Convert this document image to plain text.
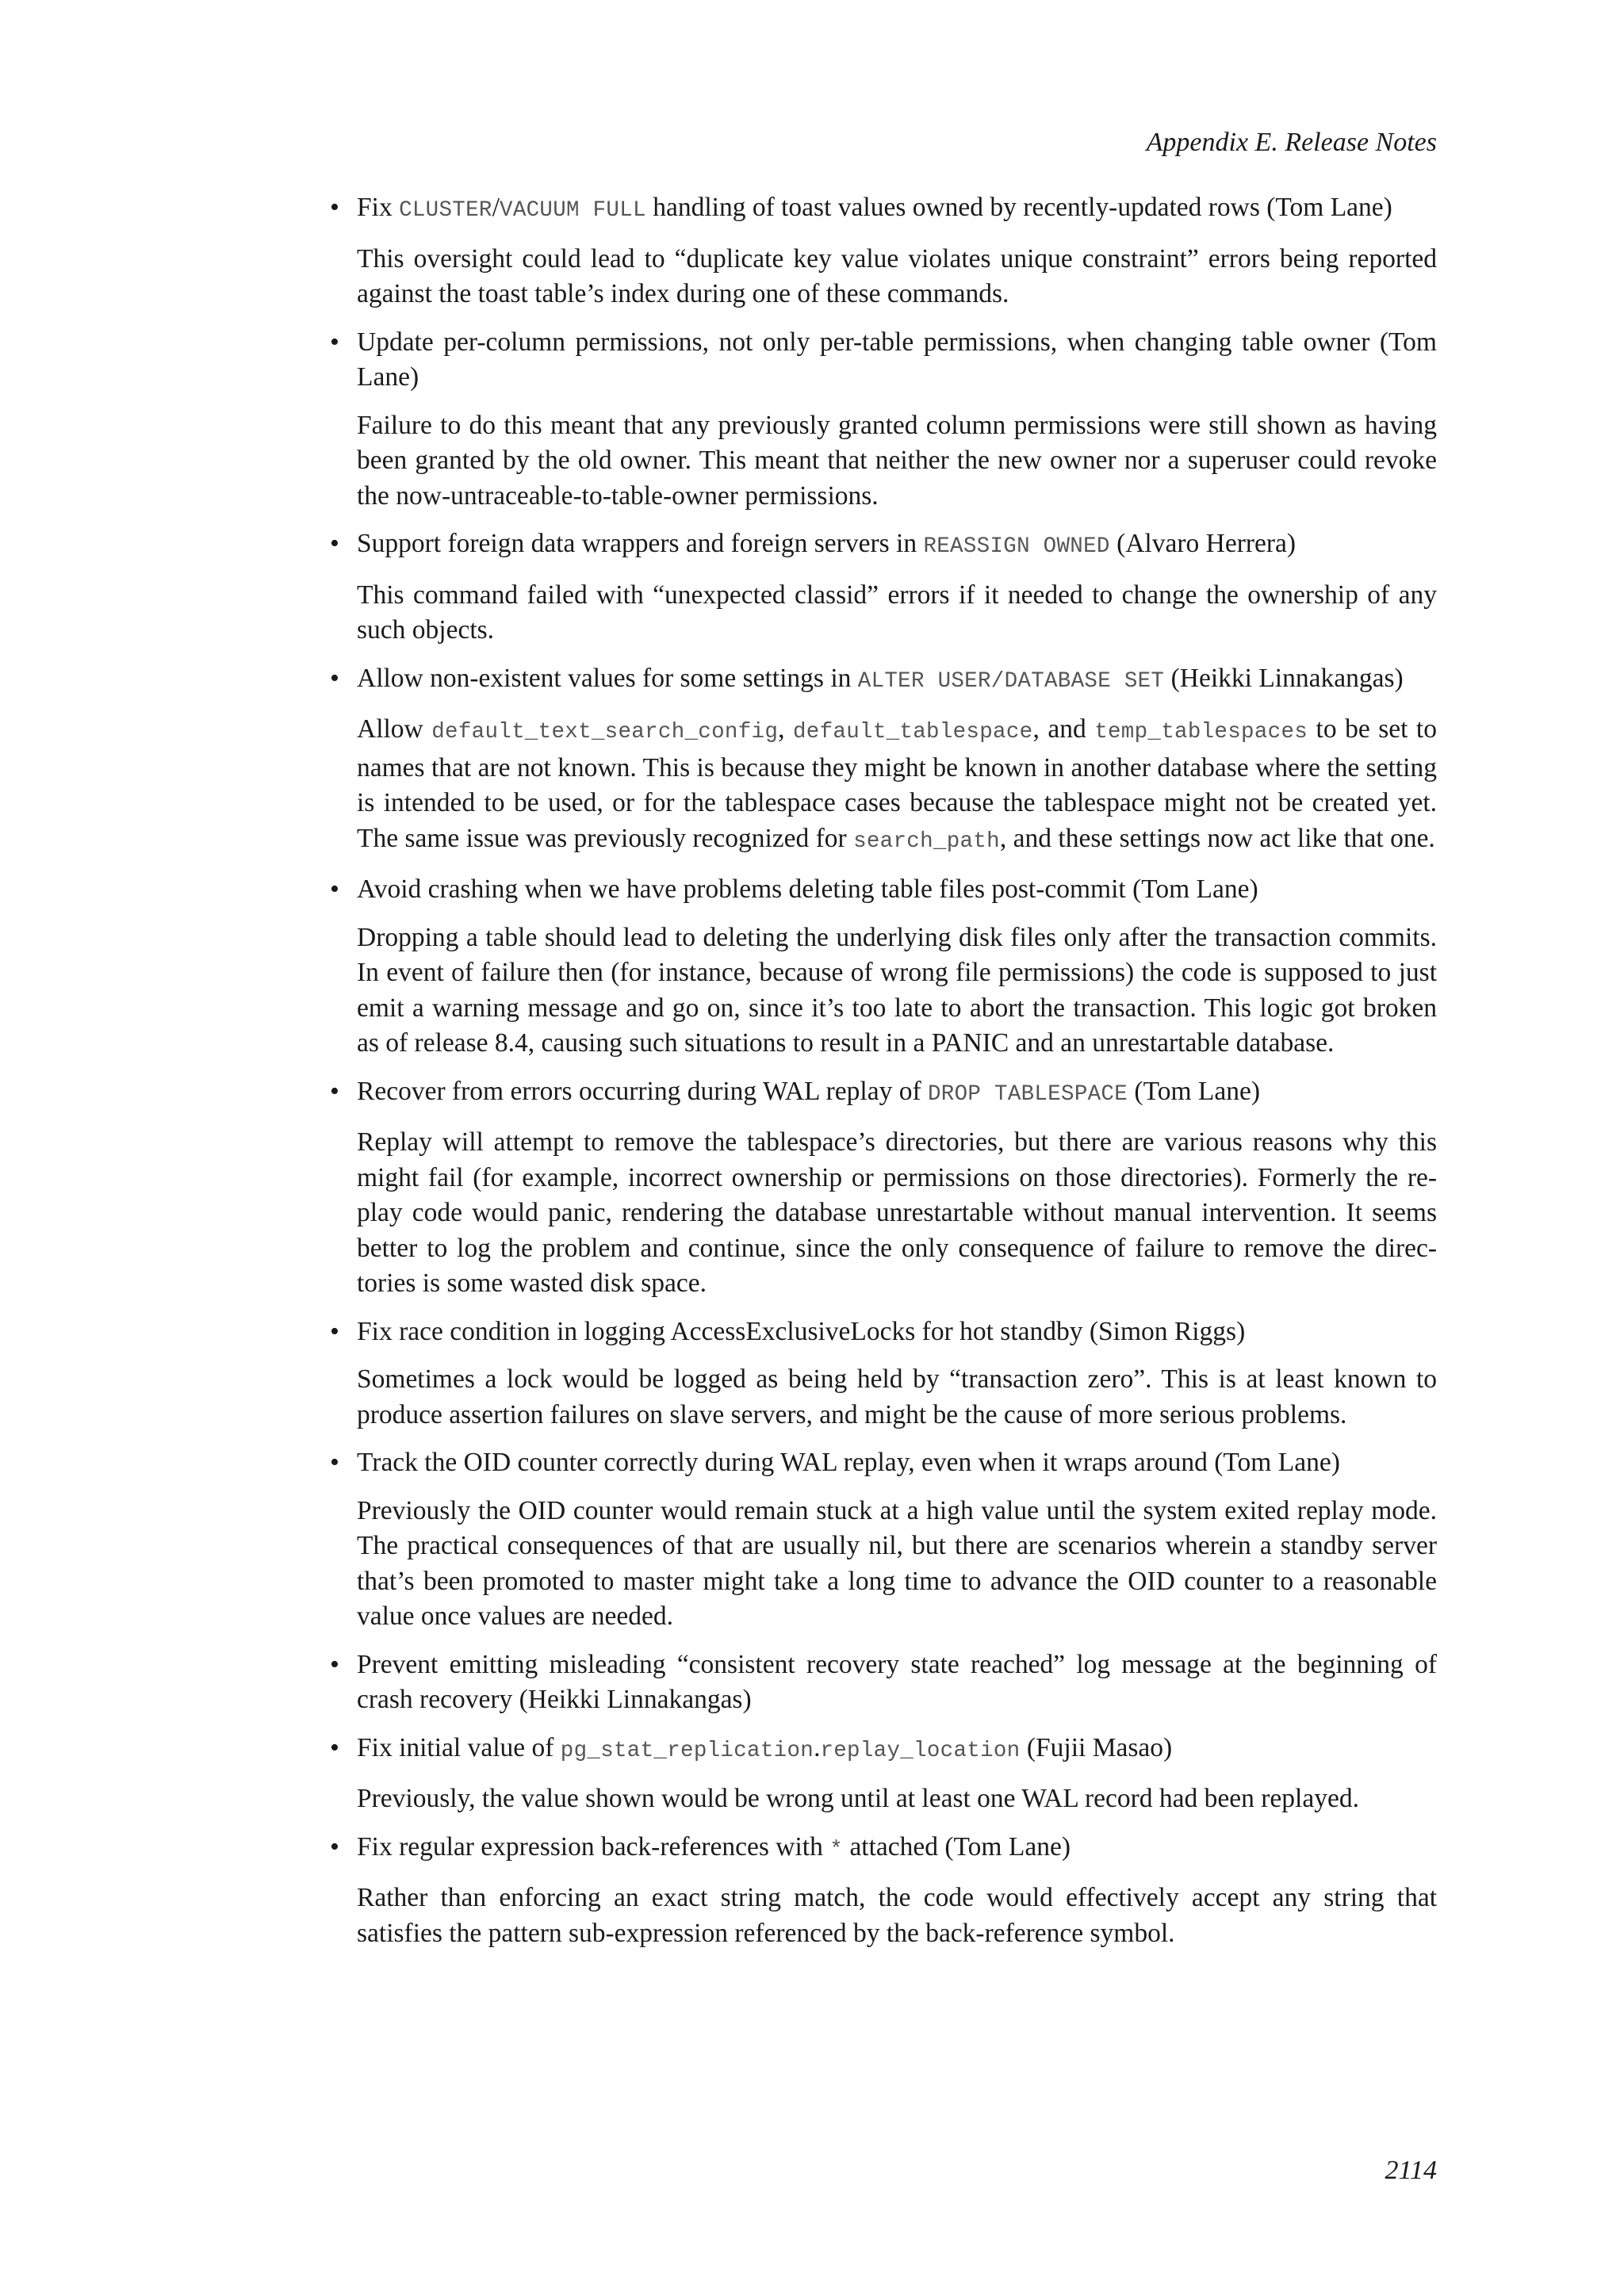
Appendix E. Release Notes
• Fix CLUSTER/VACUUM FULL handling of toast values owned by recently-updated rows (Tom Lane)

This oversight could lead to “duplicate key value violates unique constraint” errors being reported against the toast table’s index during one of these commands.

• Update per-column permissions, not only per-table permissions, when changing table owner (Tom Lane)

Failure to do this meant that any previously granted column permissions were still shown as having been granted by the old owner. This meant that neither the new owner nor a superuser could revoke the now-untraceable-to-table-owner permissions.

• Support foreign data wrappers and foreign servers in REASSIGN OWNED (Alvaro Herrera)

This command failed with “unexpected classid” errors if it needed to change the ownership of any such objects.

• Allow non-existent values for some settings in ALTER USER/DATABASE SET (Heikki Linnakangas)

Allow default_text_search_config, default_tablespace, and temp_tablespaces to be set to names that are not known. This is because they might be known in another database where the setting is intended to be used, or for the tablespace cases because the tablespace might not be created yet. The same issue was previously recognized for search_path, and these settings now act like that one.

• Avoid crashing when we have problems deleting table files post-commit (Tom Lane)

Dropping a table should lead to deleting the underlying disk files only after the transaction commits. In event of failure then (for instance, because of wrong file permissions) the code is supposed to just emit a warning message and go on, since it’s too late to abort the transaction. This logic got broken as of release 8.4, causing such situations to result in a PANIC and an unrestartable database.

• Recover from errors occurring during WAL replay of DROP TABLESPACE (Tom Lane)

Replay will attempt to remove the tablespace’s directories, but there are various reasons why this might fail (for example, incorrect ownership or permissions on those directories). Formerly the replay code would panic, rendering the database unrestartable without manual intervention. It seems better to log the problem and continue, since the only consequence of failure to remove the directories is some wasted disk space.

• Fix race condition in logging AccessExclusiveLocks for hot standby (Simon Riggs)

Sometimes a lock would be logged as being held by “transaction zero”. This is at least known to produce assertion failures on slave servers, and might be the cause of more serious problems.

• Track the OID counter correctly during WAL replay, even when it wraps around (Tom Lane)

Previously the OID counter would remain stuck at a high value until the system exited replay mode. The practical consequences of that are usually nil, but there are scenarios wherein a standby server that’s been promoted to master might take a long time to advance the OID counter to a reasonable value once values are needed.

• Prevent emitting misleading “consistent recovery state reached” log message at the beginning of crash recovery (Heikki Linnakangas)

• Fix initial value of pg_stat_replication.replay_location (Fujii Masao)

Previously, the value shown would be wrong until at least one WAL record had been replayed.

• Fix regular expression back-references with * attached (Tom Lane)

Rather than enforcing an exact string match, the code would effectively accept any string that satisfies the pattern sub-expression referenced by the back-reference symbol.

2114
